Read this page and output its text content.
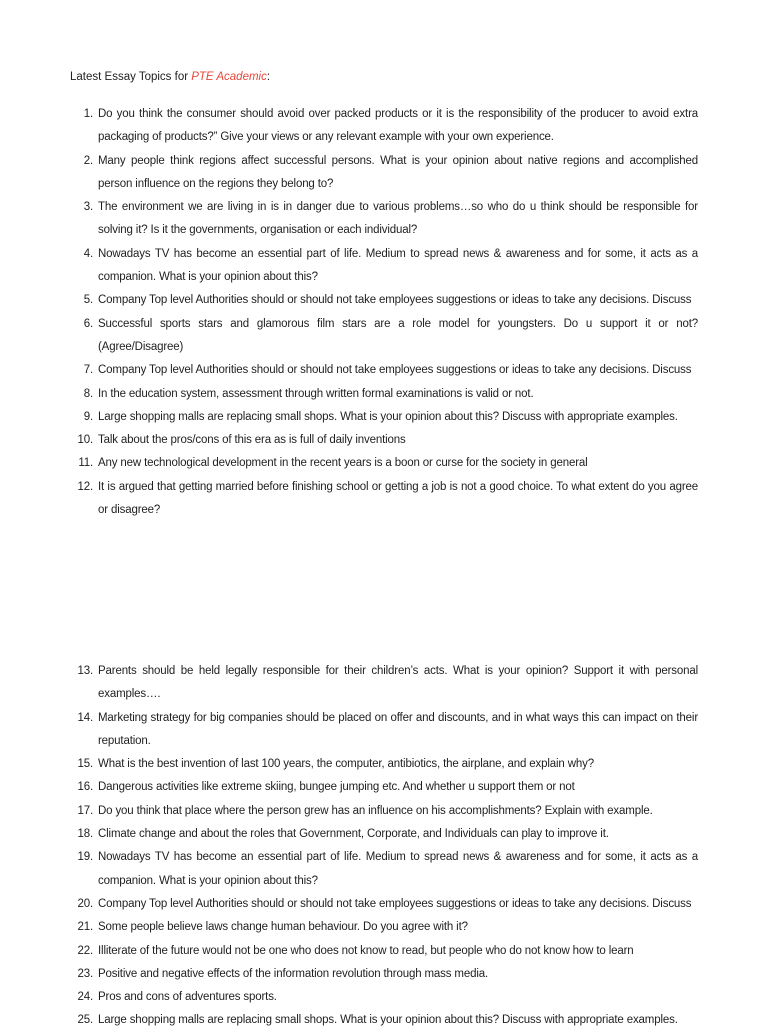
Latest Essay Topics for PTE Academic:
1 . Do you think the consumer should avoid over packed products or it is the responsibility of the producer to avoid extra packaging of products?” Give your views or any relevant example with your own experience.
2 . Many people think regions affect successful persons. What is your opinion about native regions and accomplished person influence on the regions they belong to?
3 . The environment we are living in is in danger due to various problems…so who do u think should be responsible for solving it? Is it the governments, organisation or each individual?
4 . Nowadays TV has become an essential part of life. Medium to spread news & awareness and for some, it acts as a companion. What is your opinion about this?
5 . Company Top level Authorities should or should not take employees suggestions or ideas to take any decisions. Discuss
6 . Successful sports stars and glamorous film stars are a role model for youngsters. Do u support it or not? (Agree/Disagree)
7 . Company Top level Authorities should or should not take employees suggestions or ideas to take any decisions. Discuss
8 . In the education system, assessment through written formal examinations is valid or not.
9 . Large shopping malls are replacing small shops. What is your opinion about this? Discuss with appropriate examples.
10 . Talk about the pros/cons of this era as is full of daily inventions
11 . Any new technological development in the recent years is a boon or curse for the society in general
12 . It is argued that getting married before finishing school or getting a job is not a good choice. To what extent do you agree or disagree?
13 . Parents should be held legally responsible for their children’s acts. What is your opinion? Support it with personal examples….
14 . Marketing strategy for big companies should be placed on offer and discounts, and in what ways this can impact on their reputation.
15 . What is the best invention of last 100 years, the computer, antibiotics, the airplane, and explain why?
16 . Dangerous activities like extreme skiing, bungee jumping etc. And whether u support them or not
17 . Do you think that place where the person grew has an influence on his accomplishments? Explain with example.
18 . Climate change and about the roles that Government, Corporate, and Individuals can play to improve it.
19 . Nowadays TV has become an essential part of life. Medium to spread news & awareness and for some, it acts as a companion. What is your opinion about this?
20 . Company Top level Authorities should or should not take employees suggestions or ideas to take any decisions. Discuss
21 . Some people believe laws change human behaviour. Do you agree with it?
22 . Illiterate of the future would not be one who does not know to read, but people who do not know how to learn
23 . Positive and negative effects of the information revolution through mass media.
24 . Pros and cons of adventures sports.
25 . Large shopping malls are replacing small shops. What is your opinion about this? Discuss with appropriate examples.
